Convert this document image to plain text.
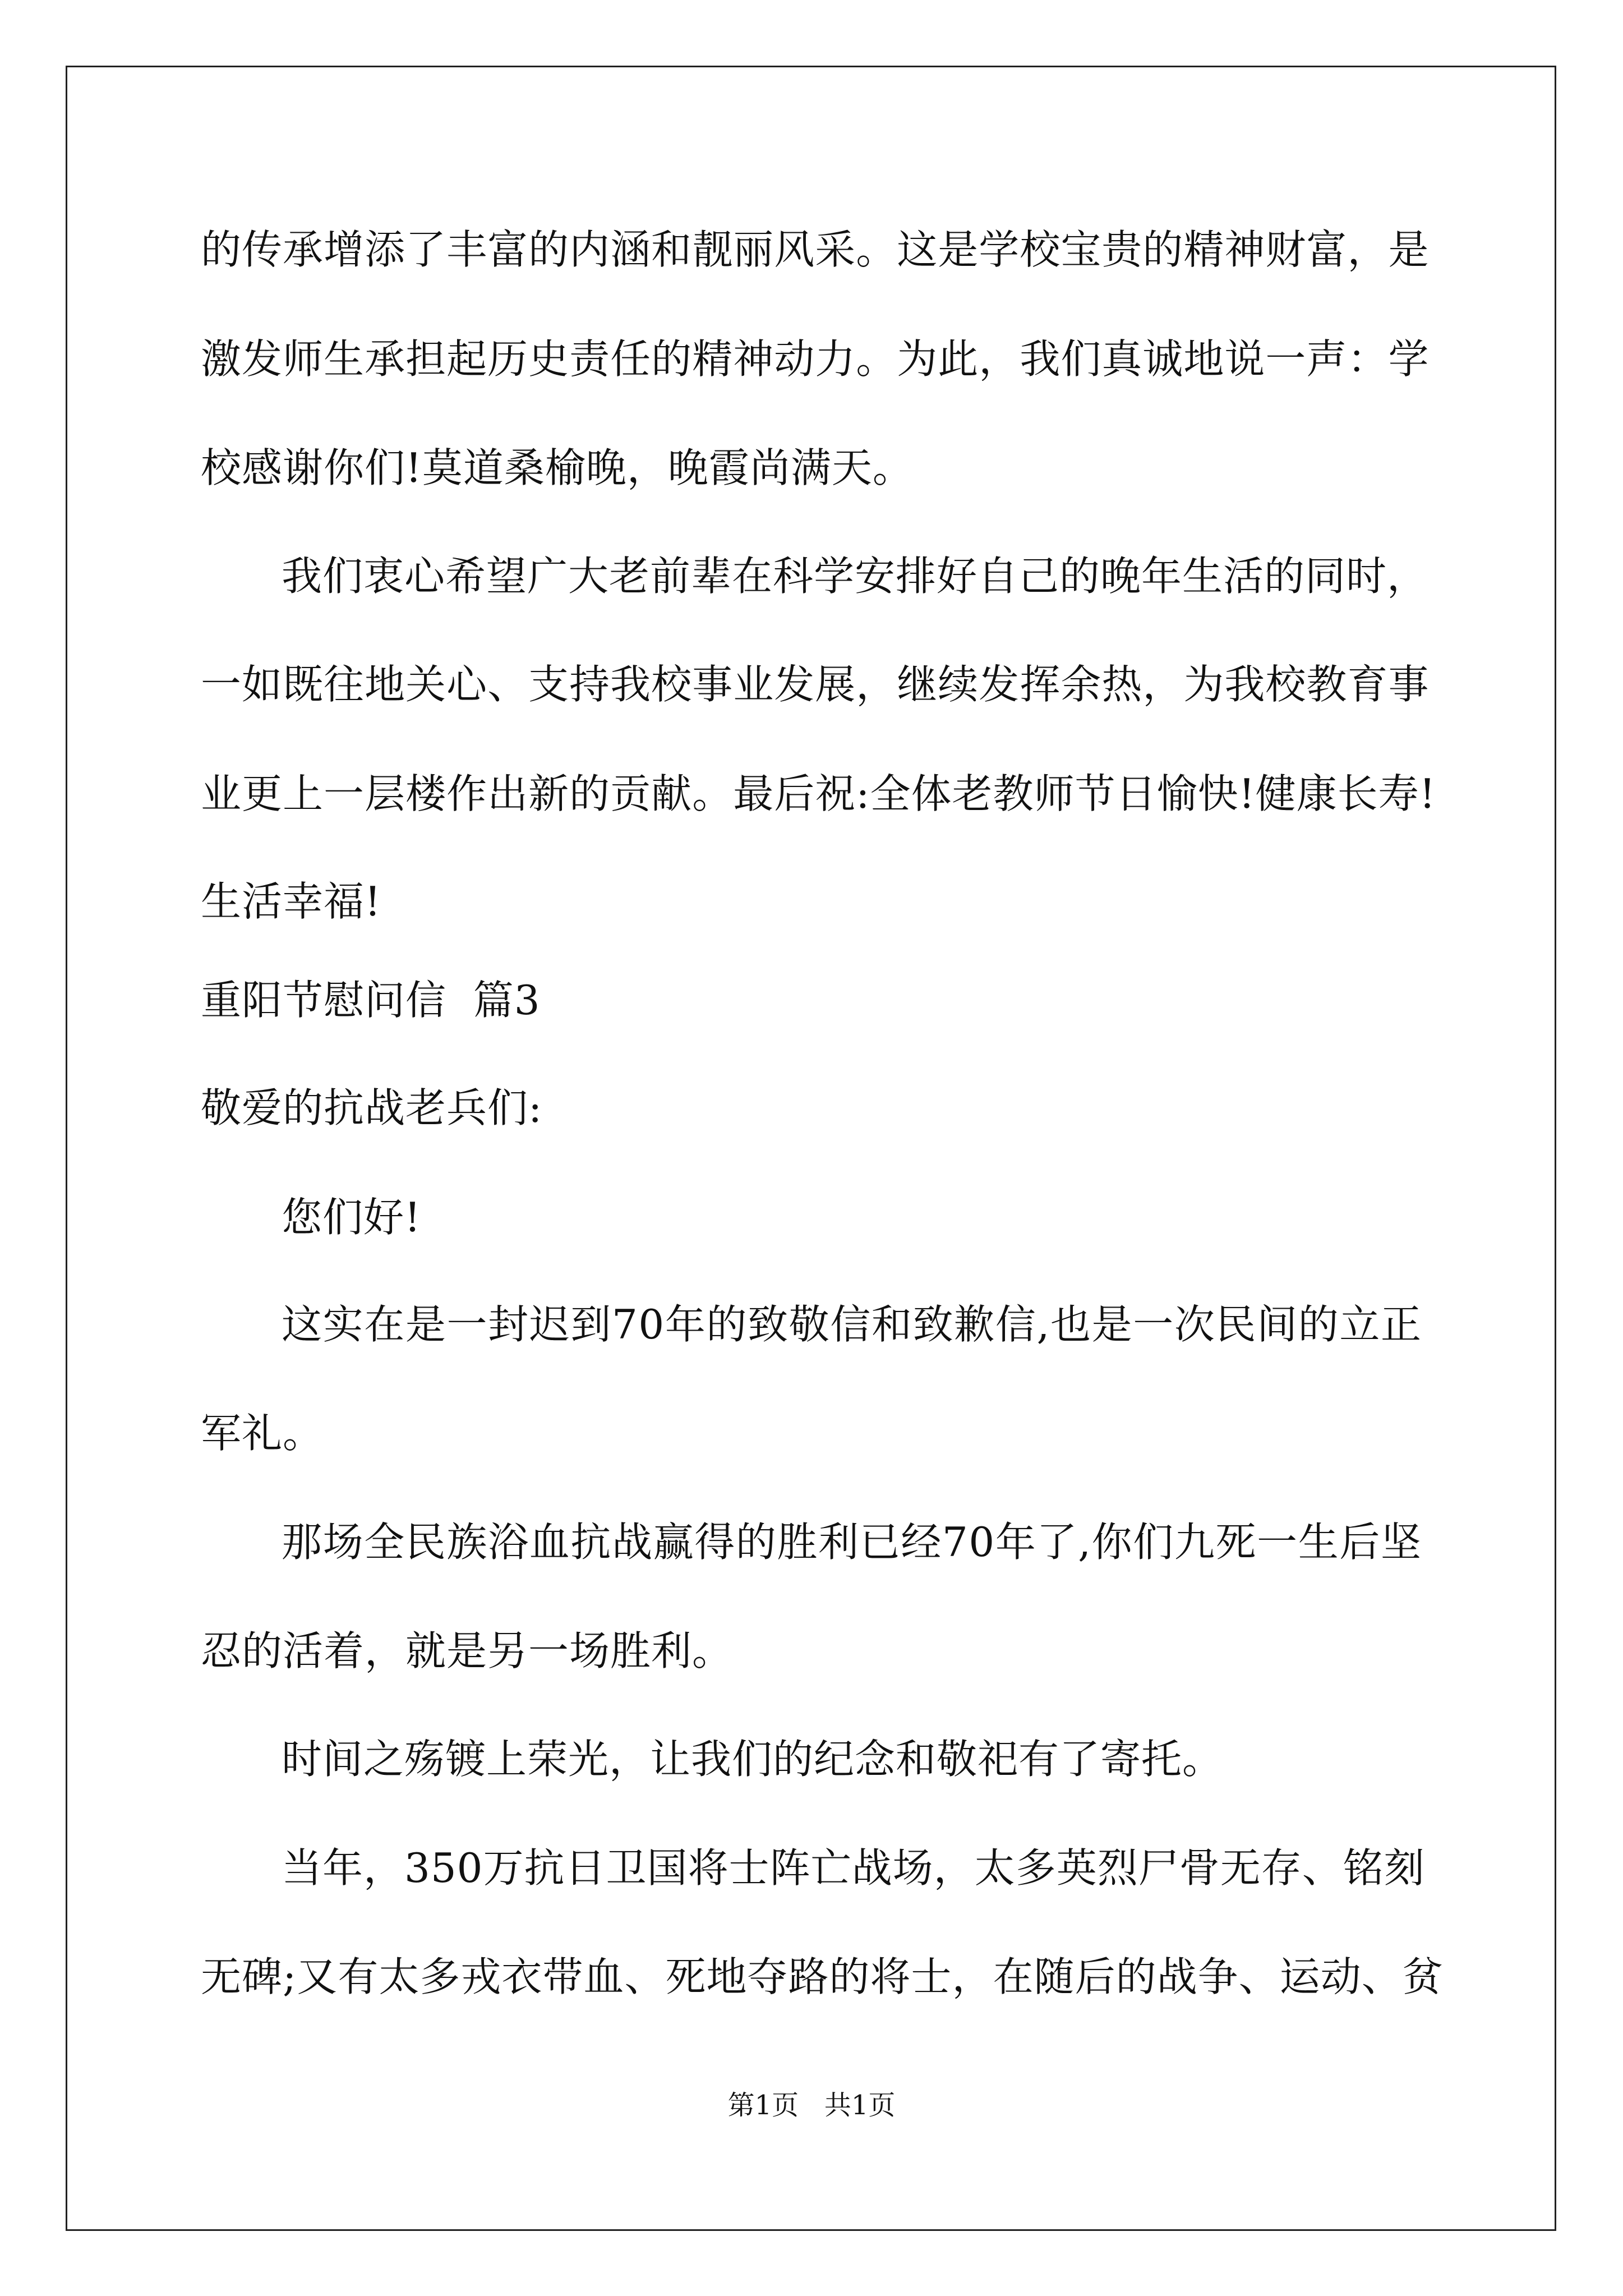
的 传 承 增 添 了 丰 富 的 内 涵 和 靓 丽 风 采 。 这 是 学 校 宝 贵 的 精 神 财 富 ， 是
激 发 师 生 承 担 起 历 史 责 任 的 精 神 动 力 。 为 此 ， 我 们 真 诚 地 说 一 声 ： 学
校感谢你们!莫道桑榆晚，晚霞尚满天。
我们衷心希望广大老前辈在科学安排好自己的晚年生活的同时，
一 如 既 往 地 关 心 、 支 持 我 校 事 业 发 展 ， 继 续 发 挥 余 热 ， 为 我 校 教 育 事
业 更 上 一 层 楼 作 出 新 的 贡 献 。 最 后 祝 : 全 体 老 教 师 节 日 愉 快 ! 健 康 长 寿 !
生活幸福!
重阳节慰问信  篇3
敬爱的抗战老兵们:
您们好!
这 实 在 是 一 封 迟 到 7 0 年 的 致 敬 信 和 致 歉 信 , 也 是 一 次 民 间 的 立 正
军礼。
那 场 全 民 族 浴 血 抗 战 赢 得 的 胜 利 已 经 7 0 年 了 , 你 们 九 死 一 生 后 坚
忍的活着，就是另一场胜利。
时间之殇镀上荣光，让我们的纪念和敬祀有了寄托。
当 年 ， 3 5 0 万 抗 日 卫 国 将 士 阵 亡 战 场 ， 太 多 英 烈 尸 骨 无 存 、 铭 刻
无 碑 ; 又 有 太 多 戎 衣 带 血 、 死 地 夺 路 的 将 士 ， 在 随 后 的 战 争 、 运 动 、 贫
第1页   共1页
